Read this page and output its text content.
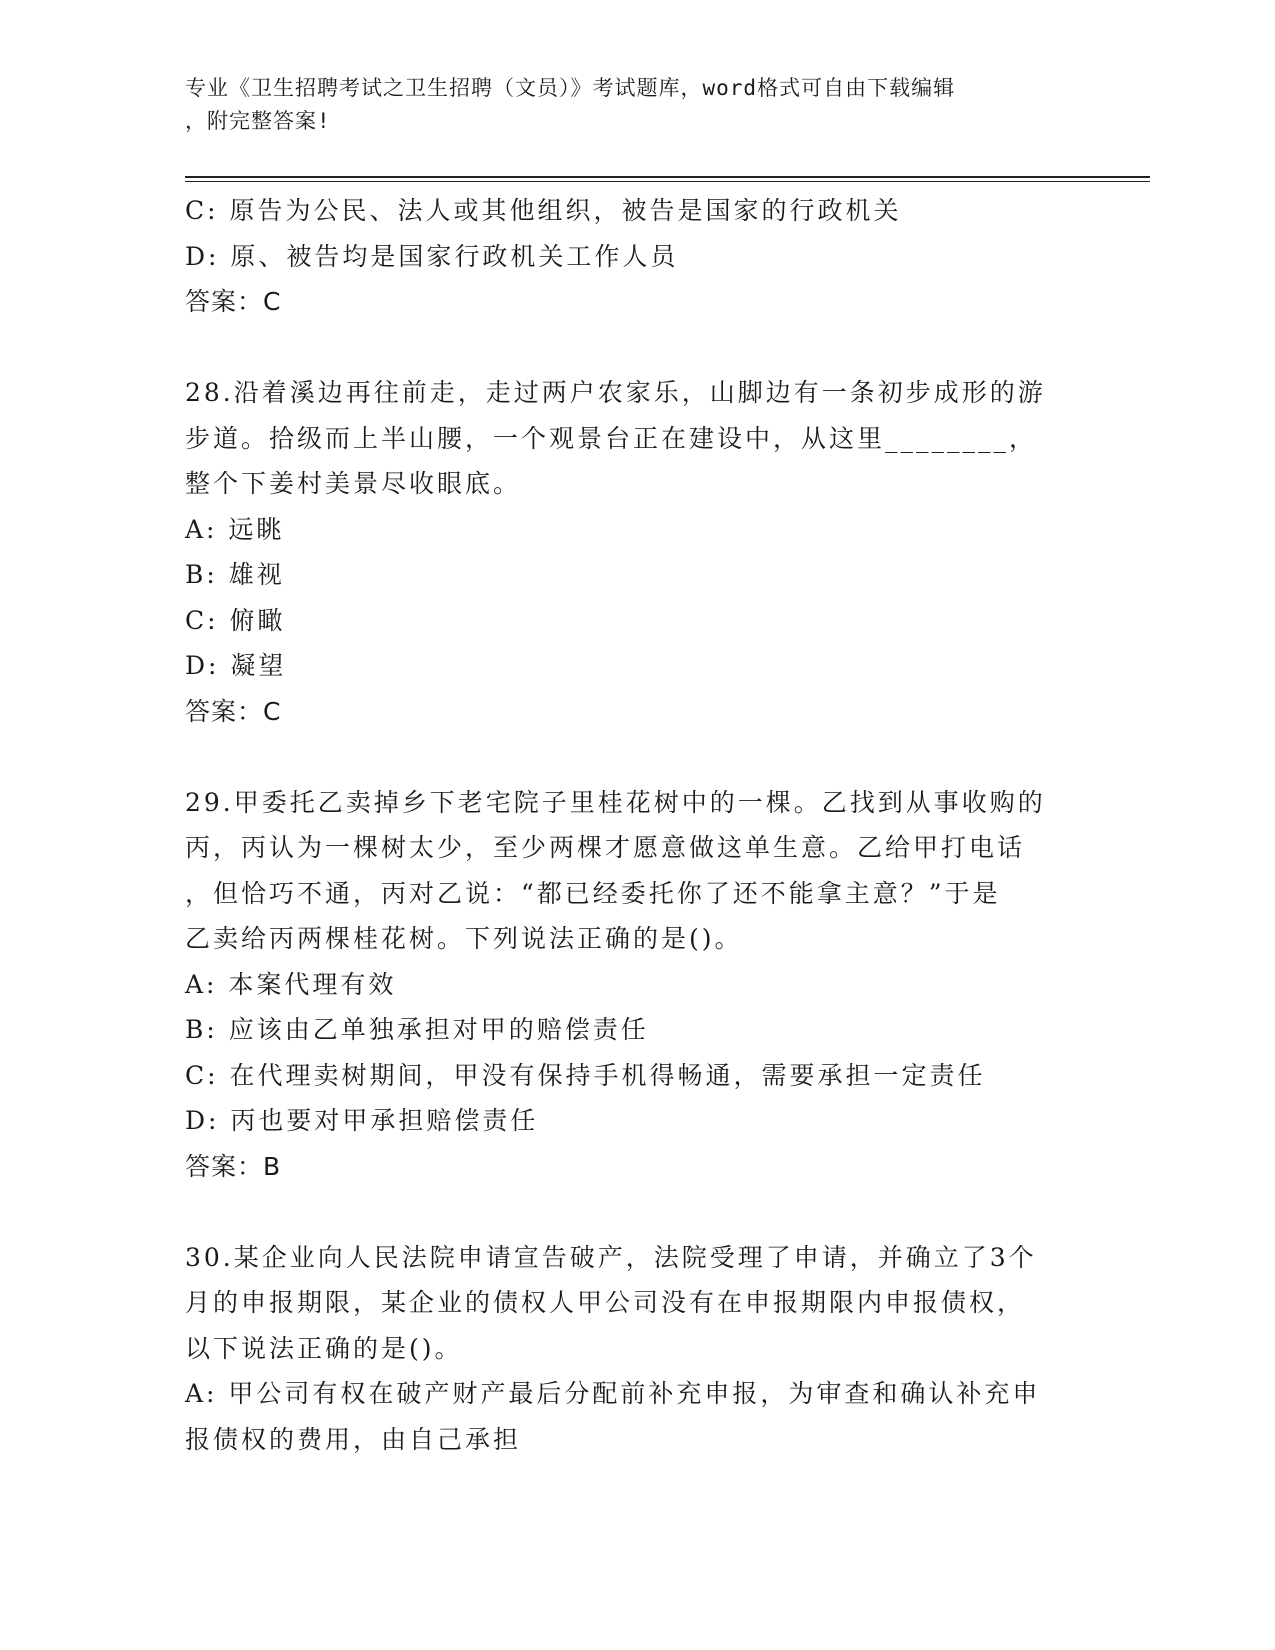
专业《卫生招聘考试之卫生招聘（文员）》考试题库，word格式可自由下载编辑
，附完整答案!
C: 原告为公民、法人或其他组织，被告是国家的行政机关
D: 原、被告均是国家行政机关工作人员
答案：C
28.沿着溪边再往前走，走过两户农家乐，山脚边有一条初步成形的游
步道。拾级而上半山腰，一个观景台正在建设中，从这里________，
整个下姜村美景尽收眼底。
A: 远眺
B: 雄视
C: 俯瞰
D: 凝望
答案：C
29.甲委托乙卖掉乡下老宅院子里桂花树中的一棵。乙找到从事收购的
丙，丙认为一棵树太少，至少两棵才愿意做这单生意。乙给甲打电话
，但恰巧不通，丙对乙说：“都已经委托你了还不能拿主意？”于是
乙卖给丙两棵桂花树。下列说法正确的是()。
A: 本案代理有效
B: 应该由乙单独承担对甲的赔偿责任
C: 在代理卖树期间，甲没有保持手机得畅通，需要承担一定责任
D: 丙也要对甲承担赔偿责任
答案：B
30.某企业向人民法院申请宣告破产，法院受理了申请，并确立了3个
月的申报期限，某企业的债权人甲公司没有在申报期限内申报债权，
以下说法正确的是()。
A: 甲公司有权在破产财产最后分配前补充申报，为审查和确认补充申
报债权的费用，由自己承担
